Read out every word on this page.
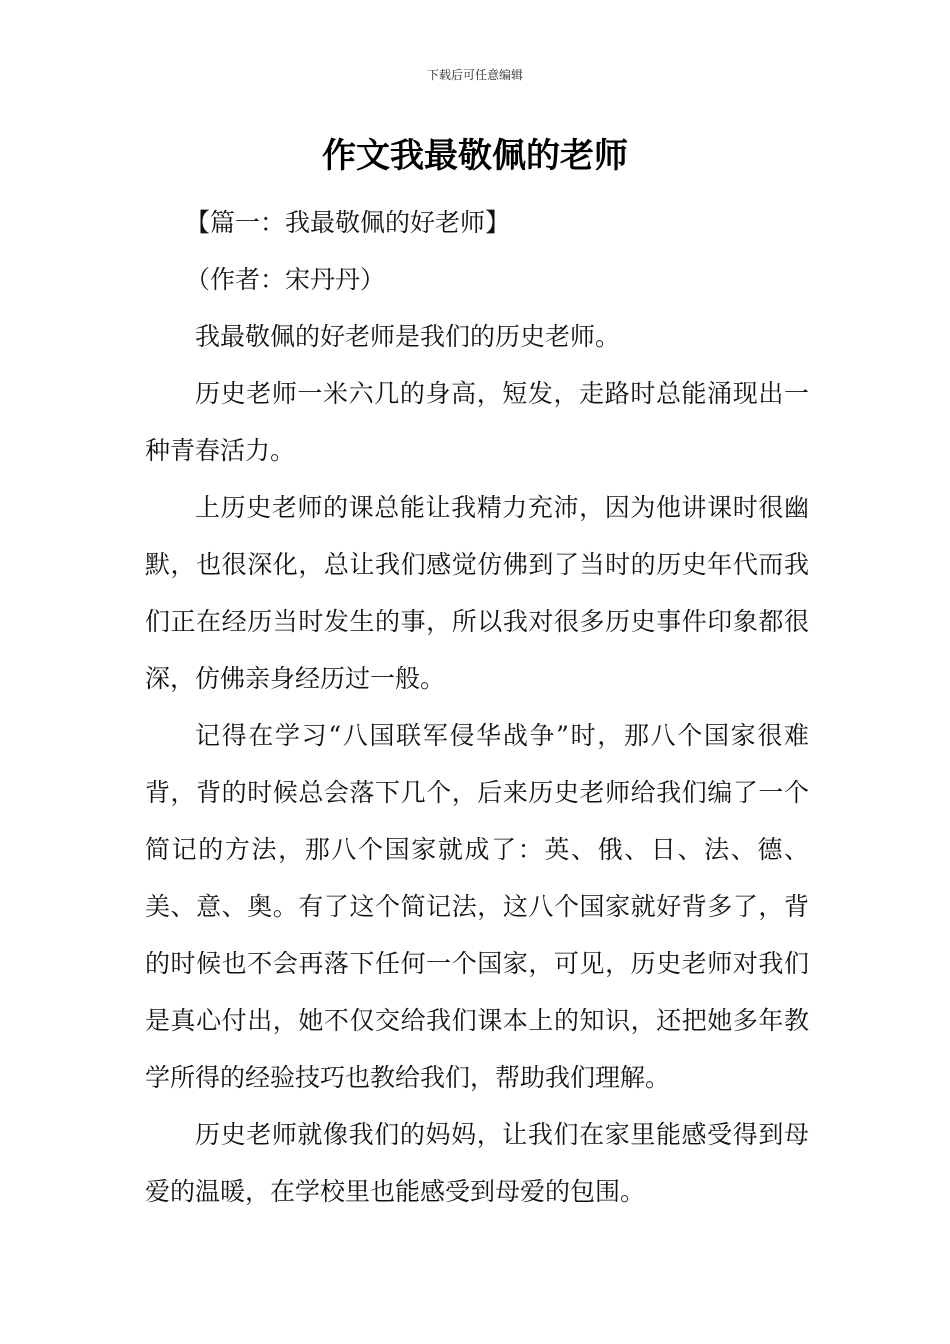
下载后可任意编辑
作文我最敬佩的老师

【篇一：我最敬佩的好老师】

（作者：宋丹丹）

我最敬佩的好老师是我们的历史老师。

历史老师一米六几的身高，短发，走路时总能涌现出一种青春活力。

上历史老师的课总能让我精力充沛，因为他讲课时很幽默，也很深化，总让我们感觉仿佛到了当时的历史年代而我们正在经历当时发生的事，所以我对很多历史事件印象都很深，仿佛亲身经历过一般。

记得在学习“八国联军侵华战争”时，那八个国家很难背，背的时候总会落下几个，后来历史老师给我们编了一个简记的方法，那八个国家就成了：英、俄、日、法、德、美、意、奥。有了这个简记法，这八个国家就好背多了，背的时候也不会再落下任何一个国家，可见，历史老师对我们是真心付出，她不仅交给我们课本上的知识，还把她多年教学所得的经验技巧也教给我们，帮助我们理解。

历史老师就像我们的妈妈，让我们在家里能感受得到母爱的温暖，在学校里也能感受到母爱的包围。
